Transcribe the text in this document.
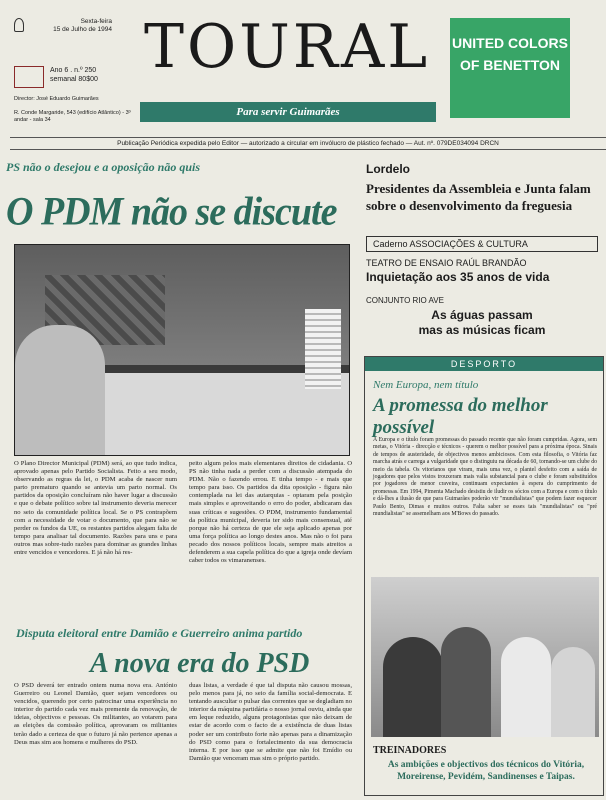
Sexta-feira
15 de Julho de 1994
Ano 6 . n.º 250
semanal 80$00
Director: José Eduardo Guimarães
R. Conde Margaride, 543 (edifício Atlântico) - 3º andar - sala 34
TOURAL
Para servir Guimarães
UNITED COLORS
OF BENETTON
Publicação Periódica expedida pelo Editor — autorizado a circular em invólucro de plástico fechado — Aut. nº. 079DE034094 DRCN
PS não o desejou e a oposição não quis
O PDM não se discute
O Plano Director Municipal (PDM) será, ao que tudo indica, aprovado apenas pelo Partido Socialista. Feito a seu modo, observando as regras da lei, o PDM acaba de nascer num parto prematuro quando se antevia um parto normal. Os partidos da oposição concluíram não haver lugar a discussão e que o debate político sobre tal instrumento deveria merecer no seio da comunidade política local. Se o PS contrapõem com a necessidade de votar o documento, que para não se perder os fundos da UE, os restantes partidos alegam falta de tempo para analisar tal documento. Razões para uns e para outros mas sobre-tudo razões para dominar as grandes linhas entre vencidos e vencedores. E já não há res-
peito algum pelos mais elementares direitos de cidadania. O PS não tinha nada a perder com a discussão atempada do PDM. Não o fazendo errou. E tinha tempo - e mais que tempo para isso. Os partidos da dita oposição - figura não contemplada na lei das autarquias - optaram pela posição mais simples e aproveitando o erro do poder, abdicaram das suas críticas e sugestões. O PDM, instrumento fundamental da política municipal, deveria ter sido mais consensual, até porque não há certeza de que ele seja aplicado apenas por uma força política ao longo destes anos. Mas não o foi para pecado dos nossos políticos locais, sempre mais atreitos a defenderem a sua capela política do que a igreja onde devíam caber todos os vimaranenses.
Disputa eleitoral entre Damião e Guerreiro anima partido
A nova era do PSD
O PSD deverá ter entrado ontem numa nova era. António Guerreiro ou Leonel Damião, quer sejam vencedores ou vencidos, querendo por certo patrocinar uma experiência no interior do partido cada vez mais premente da renovação, de ideias, objectivos e pessoas. Os militantes, ao votarem para as eleições da comissão política, aprovaram os militantes terão dado a certeza de que o futuro já não pertence apenas a Deus mas sim aos homens e mulheres do PSD.
duas listas, a verdade é que tal disputa não causou mossas, pelo menos para já, no seio da família social-democrata. E tentando auscultar o pulsar das correntes que se degladiam no interior da máquina partidária o nosso jornal ouviu, ainda que em leque reduzido, alguns protagonistas que não deixam de estar de acordo com o facto de a existência de duas listas poder ser um contributo forte não apenas para a dinamização do PSD como para o fortalecimento da sua democracia interna. E por isso que se admite que não foi Emídio ou Damião que venceram mas sim o próprio partido.
Lordelo
Presidentes da Assembleia e Junta falam sobre o desenvolvimento da freguesia
Caderno ASSOCIAÇÕES & CULTURA
TEATRO DE ENSAIO RAÚL BRANDÃO
Inquietação aos 35 anos de vida
CONJUNTO RIO AVE
As águas passam
mas as músicas ficam
DESPORTO
Nem Europa, nem título
A promessa do melhor possível
A Europa e o título foram promessas do passado recente que não foram cumpridas. Agora, sem metas, o Vitória - direcção e técnicos - querem o melhor possível para a próxima época. Sinais de tempos de austeridade, de objectivos menos ambiciosos. Com esta filosofia, o Vitória faz marcha atrás e carrega a vulgaridade que o distinguiu na década de 60, tornando-se um clube do meio da tabela. Os vitorianos que viram, mais uma vez, o plantel desfeito com a saída de jogadores que pelos vistos trouxeram mais valia substancial para o clube e foram substituídos por jogadores de menor craveira, continuam expectantes à espera do cumprimento de promessas. Em 1994, Pimenta Machado desistiu de iludir os sócios com a Europa e com o título e dá-lhes a ilusão de que para Guimarães poderão vir "mundialistas" que podem fazer esquecer Paulo Bento, Dimas e muitos outros. Falta saber se esses tais "mundialistas" ou "pré mundialistas" se assemelham aos M'Bows do passado.
TREINADORES
As ambições e objectivos dos técnicos do Vitória, Moreirense, Pevidém, Sandinenses e Taipas.
